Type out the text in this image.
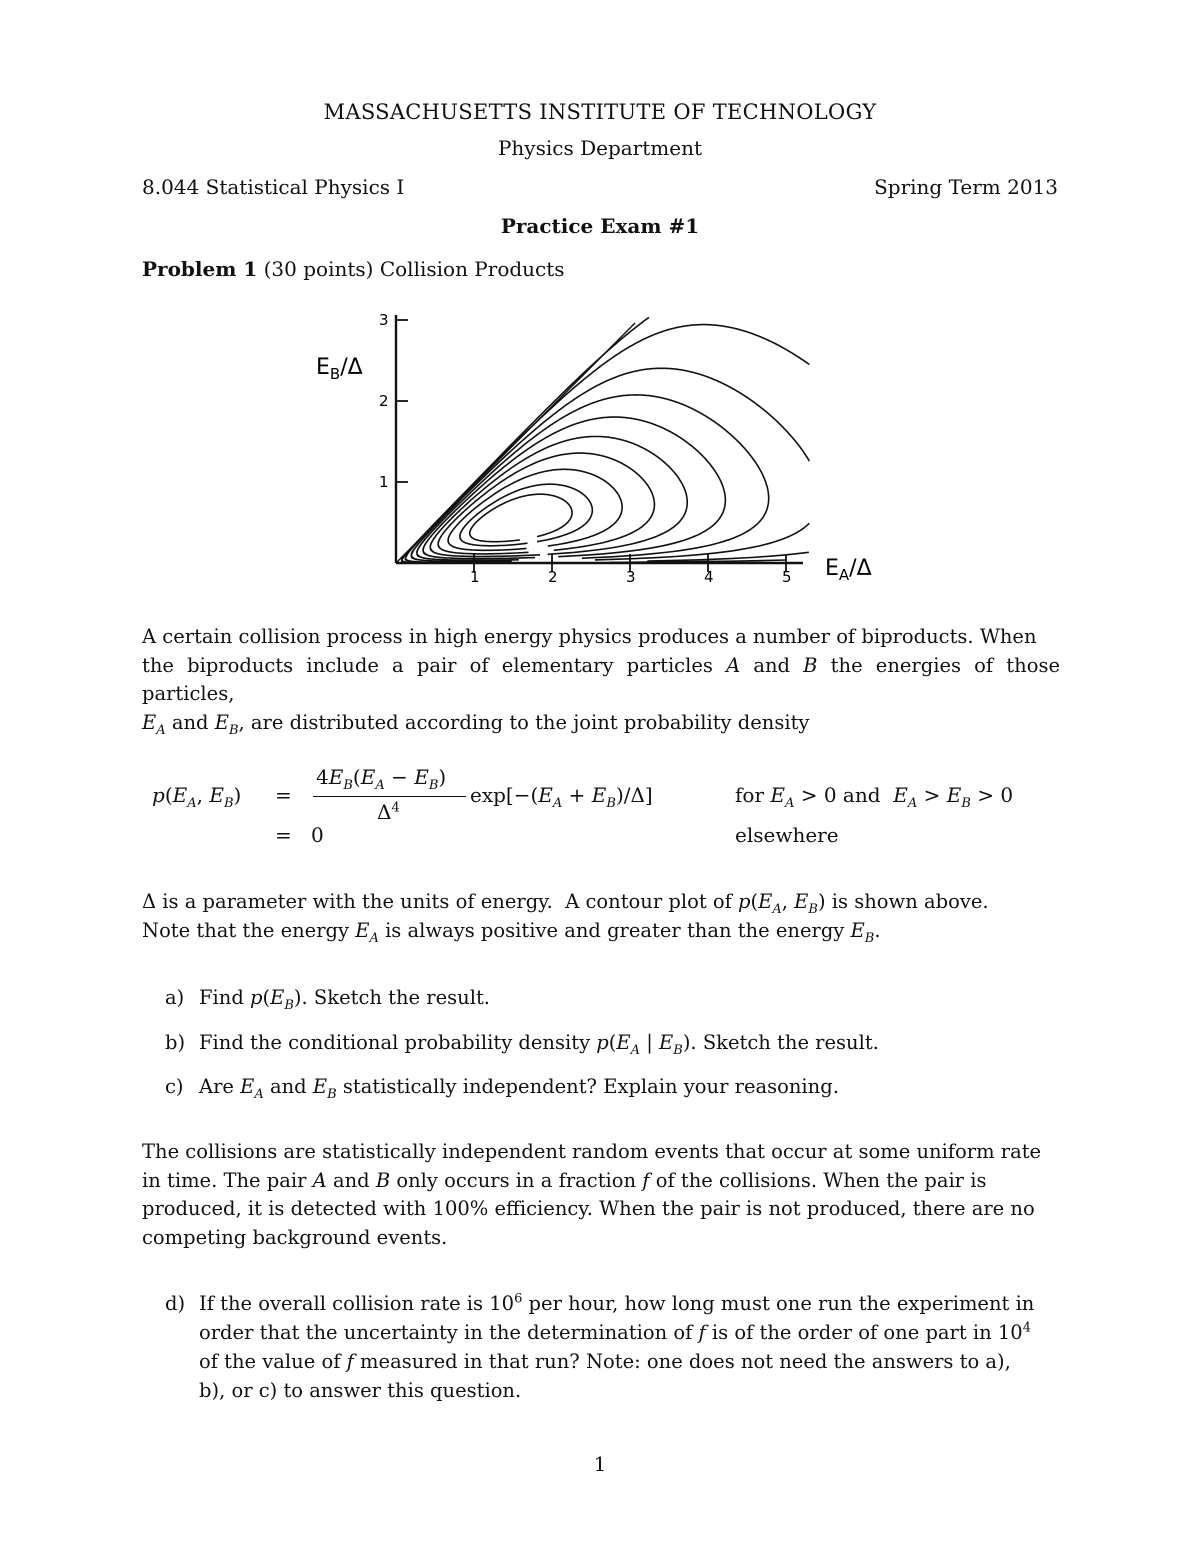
MASSACHUSETTS INSTITUTE OF TECHNOLOGY
Physics Department
8.044 Statistical Physics I	Spring Term 2013
Practice Exam #1
Problem 1 (30 points) Collision Products
1	2	3	4	5
1
2
3
$E_A/\Delta$
$E_B/\Delta$

A certain collision process in high energy physics produces a number of biproducts. When

the biproducts include a pair of elementary particles A and B the energies of those particles,

$E_A$ and $E_B$, are distributed according to the joint probability density

$p(E_A$, $E_B$) =
$4E_B(E_A - E_B)$
$\Delta^4$
$\exp[-(E_A + E_B)/\Delta]$	for $E_A > 0$ and  $E_A > E_B > 0$
= 0	elsewhere

Δ is a parameter with the units of energy.  A contour plot of $p(E_A$, $E_B$) is shown above.

Note that the energy $E_A$ is always positive and greater than the energy $E_B$.

a) Find $p(E_B)$. Sketch the result.
b) Find the conditional probability density $p(E_A$ | $E_B$). Sketch the result.
c) Are $E_A$ and $E_B$ statistically independent? Explain your reasoning.

The collisions are statistically independent random events that occur at some uniform rate

in time. The pair A and B only occurs in a fraction f of the collisions. When the pair is

produced, it is detected with 100% efficiency. When the pair is not produced, there are no

competing background events.

d) If the overall collision rate is $10^6$ per hour, how long must one run the experiment in
order that the uncertainty in the determination of f is of the order of one part in $10^4$
of the value of f measured in that run? Note: one does not need the answers to a),
b), or c) to answer this question.
1
